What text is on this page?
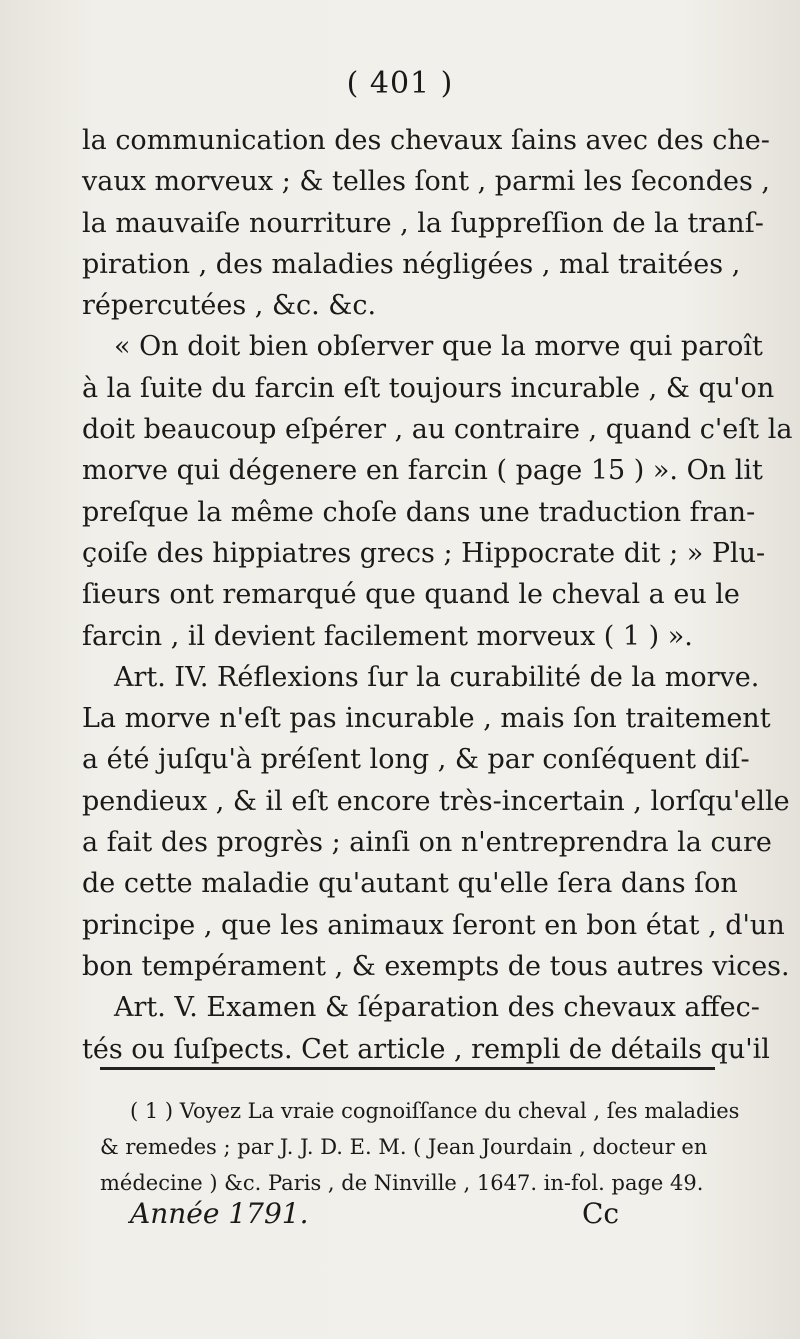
( 401 )
la communication des chevaux ſains avec des che-
vaux morveux ; & telles ſont , parmi les ſecondes ,
la mauvaiſe nourriture , la ſuppreſſion de la tranſ-
piration , des maladies négligées , mal traitées ,
répercutées , &c. &c.
« On doit bien obſerver que la morve qui paroît
à la ſuite du farcin eſt toujours incurable , & qu'on
doit beaucoup eſpérer , au contraire , quand c'eſt la
morve qui dégenere en farcin ( page 15 ) ». On lit
preſque la même choſe dans une traduction fran-
çoiſe des hippiatres grecs ; Hippocrate dit ; » Plu-
ſieurs ont remarqué que quand le cheval a eu le
farcin , il devient facilement morveux ( 1 ) ».
Art. IV. Réflexions ſur la curabilité de la morve.
La morve n'eſt pas incurable , mais ſon traitement
a été juſqu'à préſent long , & par conſéquent diſ-
pendieux , & il eſt encore très-incertain , lorſqu'elle
a fait des progrès ; ainſi on n'entreprendra la cure
de cette maladie qu'autant qu'elle ſera dans ſon
principe , que les animaux ſeront en bon état , d'un
bon tempérament , & exempts de tous autres vices.
Art. V. Examen & ſéparation des chevaux affec-
tés ou ſuſpects. Cet article , rempli de détails qu'il
( 1 ) Voyez La vraie cognoiſſance du cheval , ſes maladies
& remedes ; par J. J. D. E. M. ( Jean Jourdain , docteur en
médecine ) &c. Paris , de Ninville , 1647. in-fol. page 49.
Année 1791.	Cc
